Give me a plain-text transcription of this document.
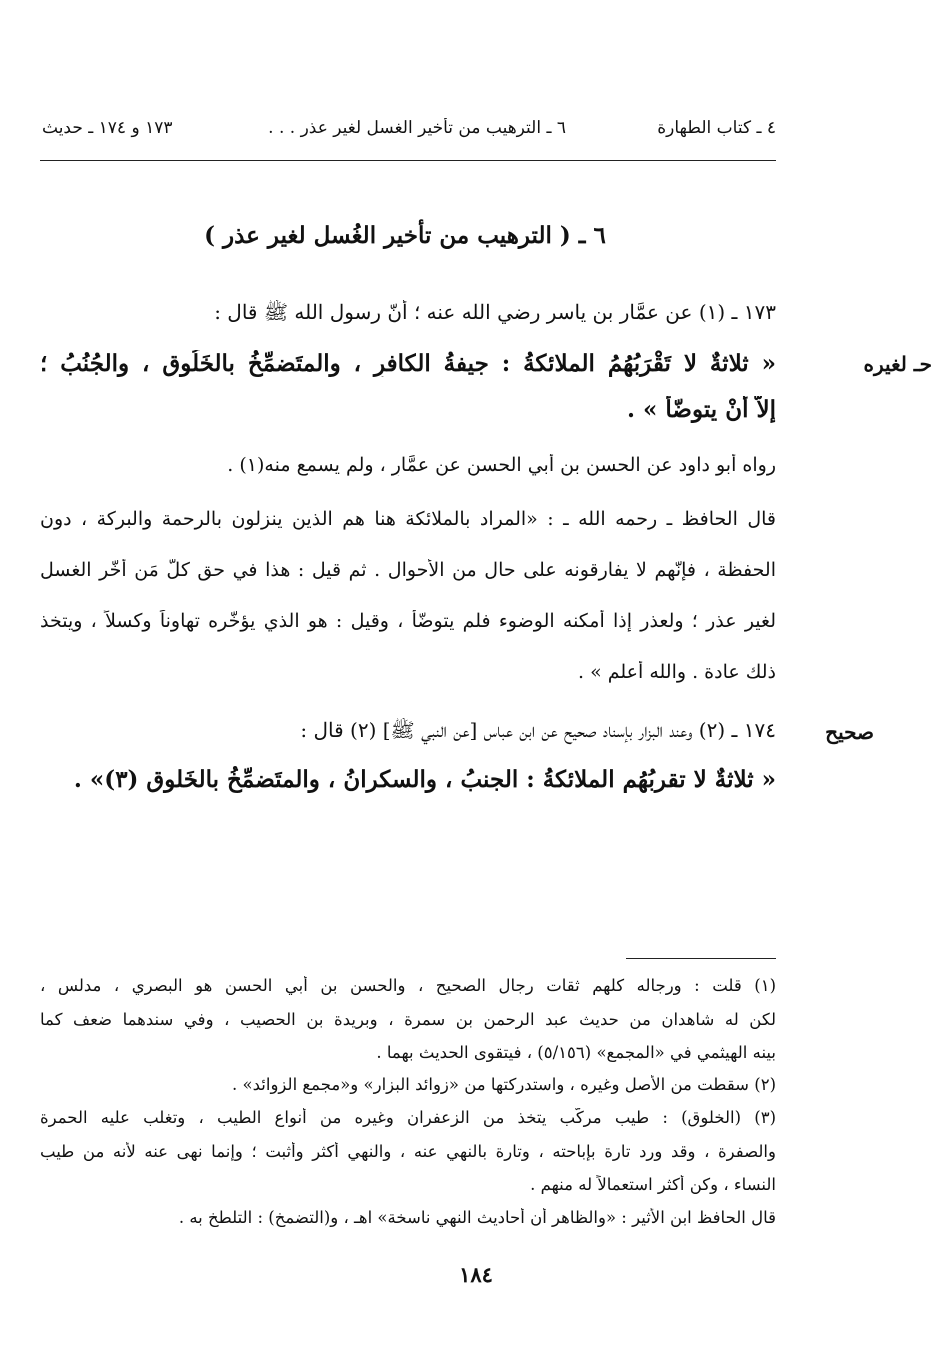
٤ ـ كتاب الطهارة
٦ ـ الترهيب من تأخير الغسل لغير عذر . . .
١٧٣ و ١٧٤ ـ حديث
٦ ـ ( الترهيب من تأخير الغُسل لغير عذر )
حـ لغيره
١٧٣ ـ (١) عن عمَّار بن ياسر رضي الله عنه ؛ أنّ رسول الله ﷺ قال :
« ثلاثةٌ لا تَقْرَبُهُمُ الملائكةُ : جيفةُ الكافرِ ، والمتَضمِّخُ بالخَلُوقِ ، والجُنُبُ ؛
إلاّ أنْ يتوضّأ » .
رواه أبو داود عن الحسن بن أبي الحسن عن عمَّارٍ ، ولم يسمع منه(١) .
قال الحافظ ـ رحمه الله ـ : «المراد بالملائكة هنا هم الذين ينزلون بالرحمة والبركة ، دون
الحفظة ، فإنّهم لا يفارقونه على حال من الأحوال . ثم قيل : هذا في حق كلّ مَن أخّر الغسل
لغير عذر ؛ ولعذر إذا أمكنه الوضوء فلم يتوضّأ ، وقيل : هو الذي يؤخّره تهاوناً وكسلاً ، ويتخذ
ذلك عادة . والله أعلم » .
صحيح
١٧٤ ـ (٢) وعند البزار بإسناد صحيح عن ابن عباس [عن النبي ﷺ] (٢) قال :
« ثلاثةٌ لا تقربُهُم الملائكةُ : الجنبُ ، والسكرانُ ، والمتَضمِّخُ بالخَلوق (٣)» .
(١) قلت : ورجاله كلهم ثقات رجال الصحيح ، والحسن بن أبي الحسن هو البصري ، مدلس ،
لكن له شاهدان من حديث عبد الرحمن بن سمرة ، وبريدة بن الحصيب ، وفي سندهما ضعف كما
بينه الهيثمي في «المجمع» (٥/١٥٦) ، فيتقوى الحديث بهما .
(٢) سقطت من الأصل وغيره ، واستدركتها من «زوائد البزار» و«مجمع الزوائد» .
(٣) (الخلوق) : طيب مركّب يتخذ من الزعفران وغيره من أنواع الطيب ، وتغلب عليه الحمرة
والصفرة ، وقد ورد تارة بإباحته ، وتارة بالنهي عنه ، والنهي أكثر وأثبت ؛ وإنما نهى عنه لأنه من طيب
النساء ، وكن أكثر استعمالاً له منهم .
قال الحافظ ابن الأثير : «والظاهر أن أحاديث النهي ناسخة» اهـ ، و(التضمخ) : التلطخ به .
١٨٤
